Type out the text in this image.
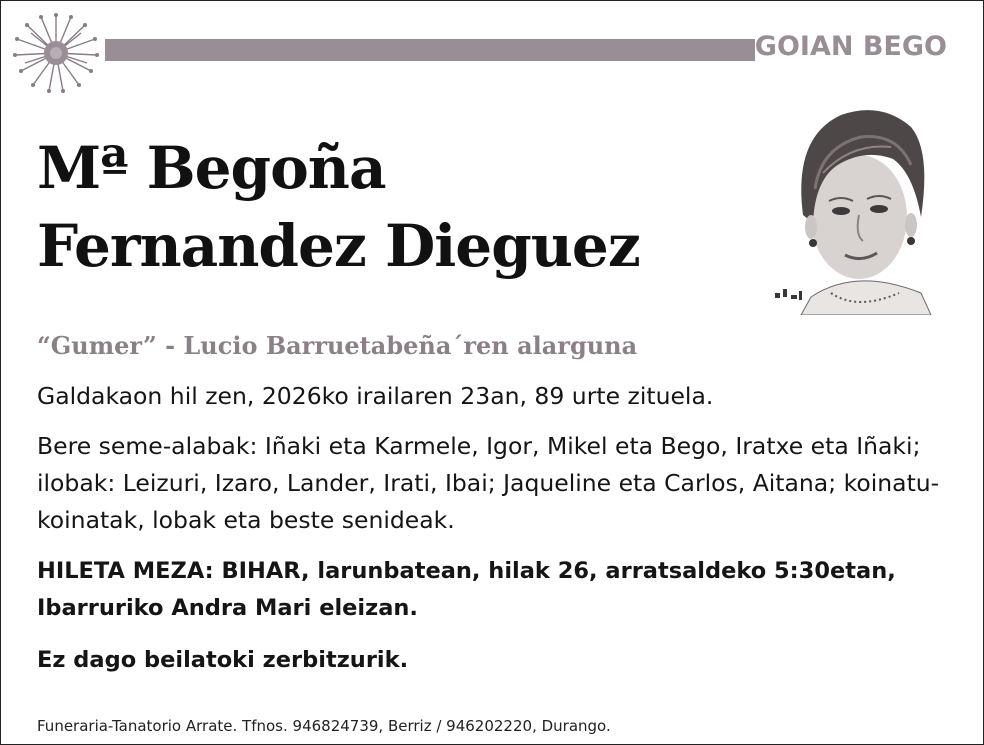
GOIAN BEGO
Mª Begoña
Fernandez Dieguez
“Gumer” - Lucio Barruetabeña´ren alarguna
Galdakaon hil zen, 2026ko irailaren 23an, 89 urte zituela.
Bere seme-alabak: Iñaki eta Karmele, Igor, Mikel eta Bego, Iratxe eta Iñaki; ilobak: Leizuri, Izaro, Lander, Irati, Ibai; Jaqueline eta Carlos, Aitana; koinatu-koinatak, lobak eta beste senideak.
HILETA MEZA: BIHAR, larunbatean, hilak 26, arratsaldeko 5:30etan, Ibarruriko Andra Mari eleizan.
Ez dago beilatoki zerbitzurik.
Funeraria-Tanatorio Arrate. Tfnos. 946824739, Berriz / 946202220, Durango.
